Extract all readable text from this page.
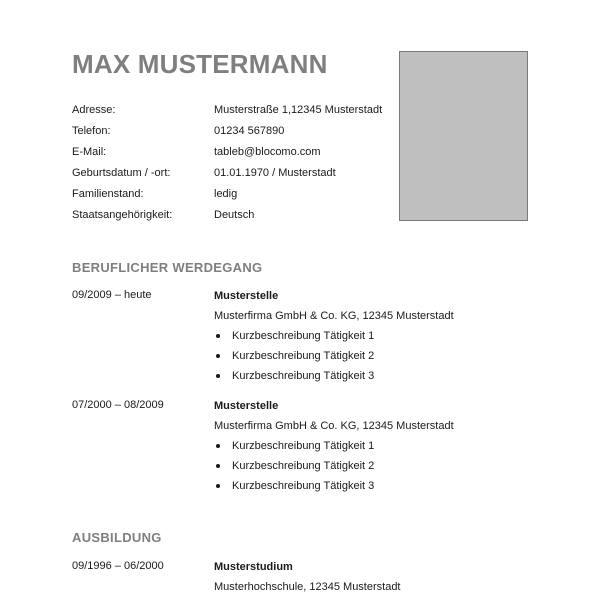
MAX MUSTERMANN
Adresse:	Musterstraße 1,12345 Musterstadt
Telefon:	01234 567890
E-Mail:	tableb@blocomo.com
Geburtsdatum / -ort:	01.01.1970 / Musterstadt
Familienstand:	ledig
Staatsangehörigkeit:	Deutsch
BERUFLICHER WERDEGANG
09/2009 – heute	Musterstelle
Musterfirma GmbH & Co. KG, 12345 Musterstadt
Kurzbeschreibung Tätigkeit 1
Kurzbeschreibung Tätigkeit 2
Kurzbeschreibung Tätigkeit 3
07/2000 – 08/2009	Musterstelle
Musterfirma GmbH & Co. KG, 12345 Musterstadt
Kurzbeschreibung Tätigkeit 1
Kurzbeschreibung Tätigkeit 2
Kurzbeschreibung Tätigkeit 3
AUSBILDUNG
09/1996 – 06/2000	Musterstudium
Musterhochschule, 12345 Musterstadt
